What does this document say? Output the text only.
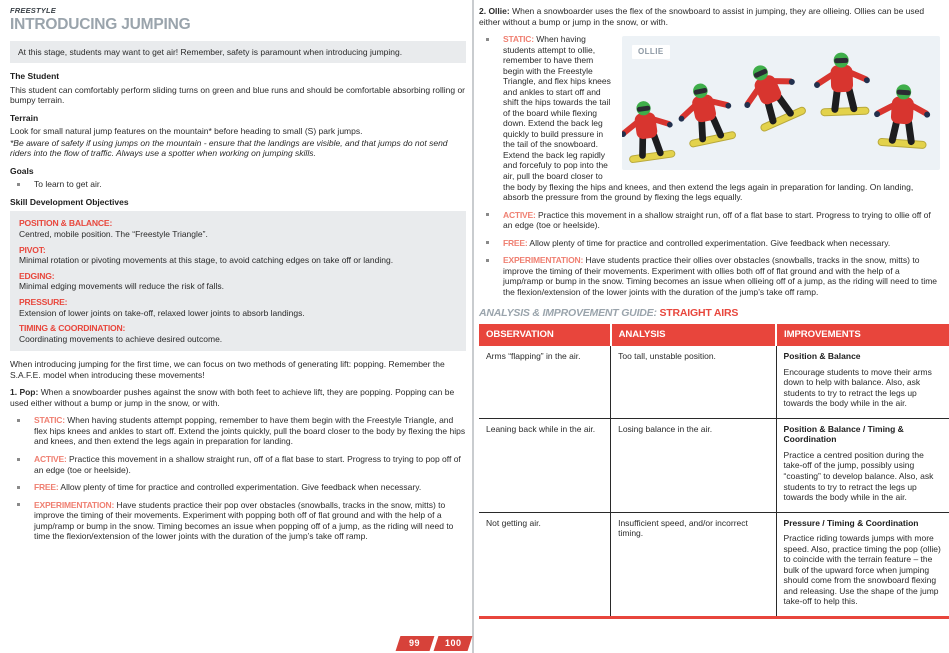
FREESTYLE
INTRODUCING JUMPING
At this stage, students may want to get air! Remember, safety is paramount when introducing jumping.
The Student

This student can comfortably perform sliding turns on green and blue runs and should be comfortable absorbing rolling or bumpy terrain.

Terrain

Look for small natural jump features on the mountain* before heading to small (S) park jumps.

*Be aware of safety if using jumps on the mountain - ensure that the landings are visible, and that jumps do not send riders into the flow of traffic. Always use a spotter when working on jumping skills.

Goals
To learn to get air.
Skill Development Objectives
POSITION & BALANCE:
Centred, mobile position. The “Freestyle Triangle”.
PIVOT:
Minimal rotation or pivoting movements at this stage, to avoid catching edges on take off or landing.
EDGING:
Minimal edging movements will reduce the risk of falls.
PRESSURE:
Extension of lower joints on take-off, relaxed lower joints to absorb landings.
TIMING & COORDINATION:
Coordinating movements to achieve desired outcome.

When introducing jumping for the first time, we can focus on two methods of generating lift: popping. Remember the S.A.F.E. model when introducing these movements!

1. Pop: When a snowboarder pushes against the snow with both feet to achieve lift, they are popping. Popping can be used either without a bump or jump in the snow, or with.

STATIC: When having students attempt popping, remember to have them begin with the Freestyle Triangle, and flex hips knees and ankles to start off. Extend the joints quickly, pull the board closer to the body by flexing the hips and knees, and then extend the legs again in preparation for landing.
ACTIVE: Practice this movement in a shallow straight run, off of a flat base to start. Progress to trying to pop off of an edge (toe or heelside).
FREE: Allow plenty of time for practice and controlled experimentation. Give feedback when necessary.
EXPERIMENTATION: Have students practice their pop over obstacles (snowballs, tracks in the snow, mitts) to improve the timing of their movements. Experiment with popping both off of flat ground and with the help of a jump/ramp or bump in the snow. Timing becomes an issue when popping off of a jump, as the riding will need to time the flexion/extension of the lower joints with the duration of the jump’s take off ramp.

2. Ollie: When a snowboarder uses the flex of the snowboard to assist in jumping, they are ollieing. Ollies can be used either without a bump or jump in the snow, or with.

OLLIE
STATIC: When having students attempt to ollie, remember to have them begin with the Freestyle Triangle, and flex hips knees and ankles to start off and shift the hips towards the tail of the board while flexing down. Extend the back leg quickly to build pressure in the tail of the snowboard. Extend the back leg rapidly and forcefuly to pop into the air, pull the board closer to the body by flexing the hips and knees, and then extend the legs again in preparation for landing. On landing, absorb the pressure from the ground by flexing the legs equally.
ACTIVE: Practice this movement in a shallow straight run, off of a flat base to start. Progress to trying to ollie off of an edge (toe or heelside).
FREE: Allow plenty of time for practice and controlled experimentation. Give feedback when necessary.
EXPERIMENTATION: Have students practice their ollies over obstacles (snowballs, tracks in the snow, mitts) to improve the timing of their movements. Experiment with ollies both off of flat ground and with the help of a jump/ramp or bump in the snow. Timing becomes an issue when ollieing off of a jump, as the riding will need to time the flexion/extension of the lower joints with the duration of the jump’s take off ramp.
ANALYSIS & IMPROVEMENT GUIDE: STRAIGHT AIRS
OBSERVATION	ANALYSIS	IMPROVEMENTS
Arms “flapping” in the air.	Too tall, unstable position.	Position & Balance
Encourage students to move their arms down to help with balance. Also, ask students to try to retract the legs up towards the body while in the air.

Leaning back while in the air.	Losing balance in the air.	Position & Balance / Timing & Coordination
Practice a centred position during the take-off of the jump, possibly using “coasting” to develop balance. Also, ask students to try to retract the legs up towards the body while in the air.

Not getting air.	Insufficient speed, and/or incorrect timing.	Pressure / Timing & Coordination
Practice riding towards jumps with more speed. Also, practice timing the pop (ollie) to coincide with the terrain feature – the bulk of the upward force when jumping should come from the snowboard flexing and releasing. Use the shape of the jump take-off to help this.
99	100
